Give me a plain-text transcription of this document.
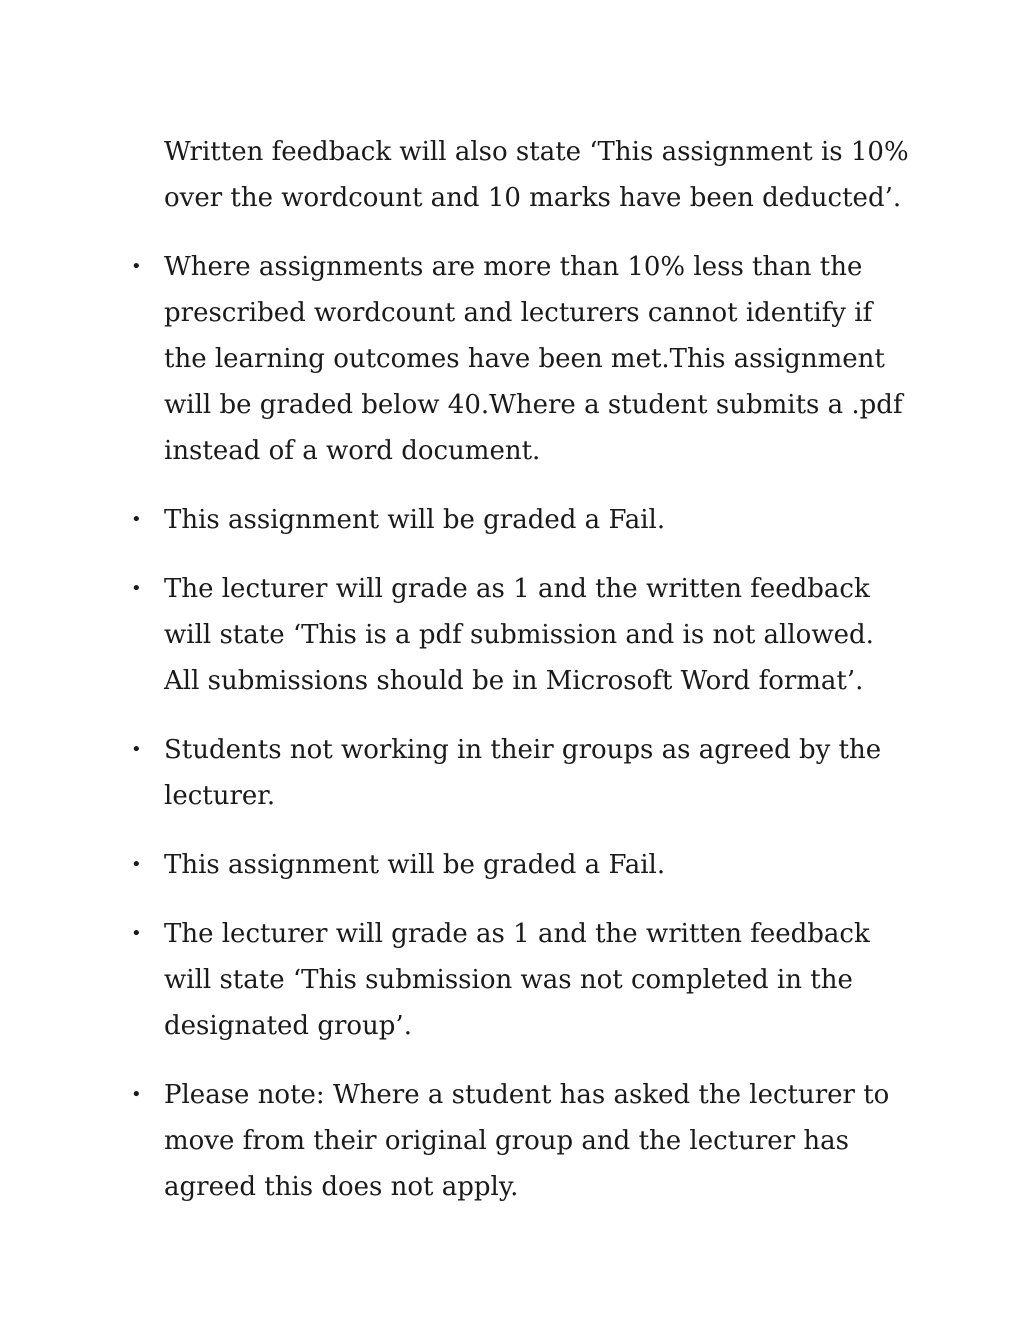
Written feedback will also state ‘This assignment is 10% over the wordcount and 10 marks have been deducted’.

• Where assignments are more than 10% less than the prescribed wordcount and lecturers cannot identify if the learning outcomes have been met.This assignment will be graded below 40.Where a student submits a .pdf instead of a word document.
• This assignment will be graded a Fail.
• The lecturer will grade as 1 and the written feedback will state ‘This is a pdf submission and is not allowed. All submissions should be in Microsoft Word format’.
• Students not working in their groups as agreed by the lecturer.
• This assignment will be graded a Fail.
• The lecturer will grade as 1 and the written feedback will state ‘This submission was not completed in the designated group’.
• Please note: Where a student has asked the lecturer to move from their original group and the lecturer has agreed this does not apply.
